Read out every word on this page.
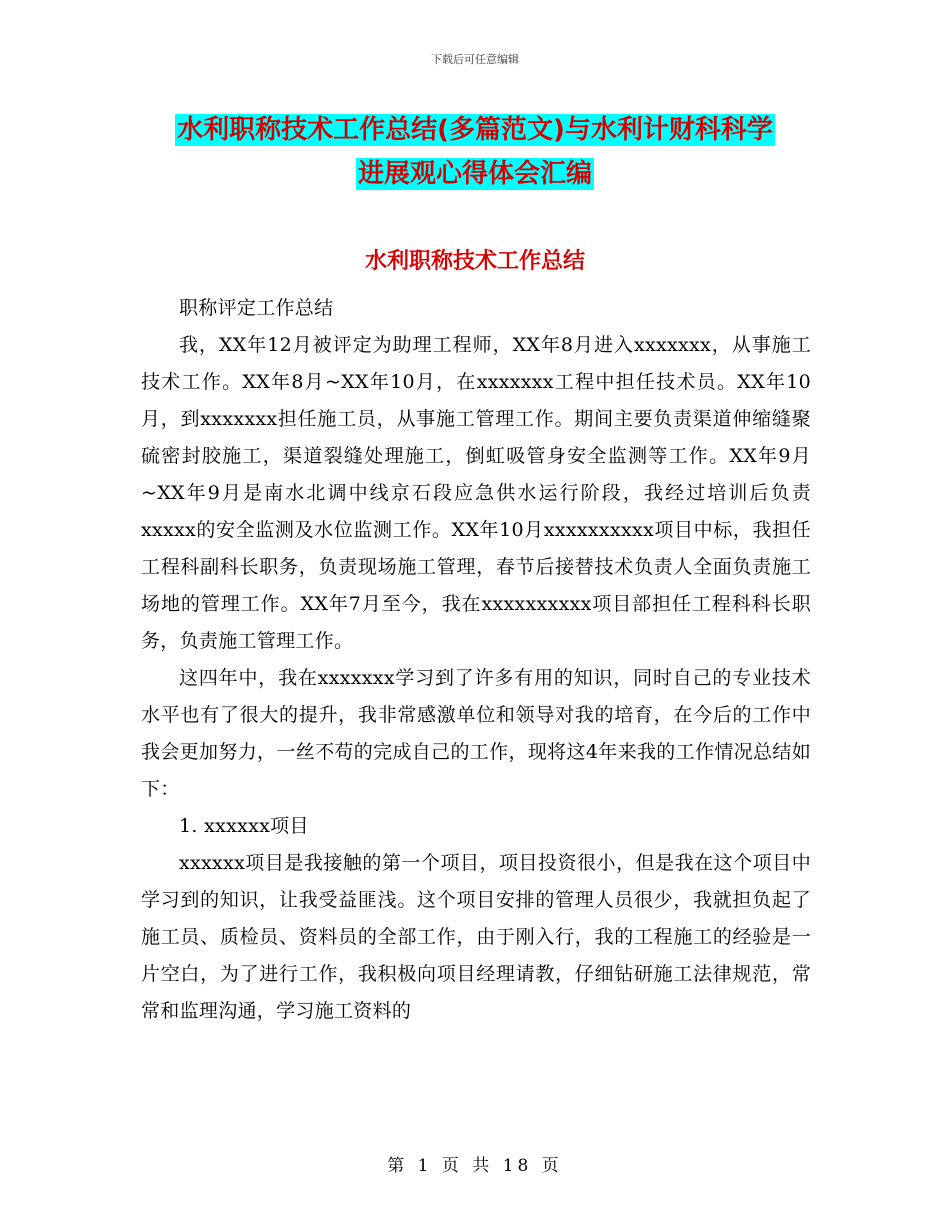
下载后可任意编辑
水利职称技术工作总结(多篇范文)与水利计财科科学
进展观心得体会汇编
水利职称技术工作总结

职称评定工作总结

我，XX年12月被评定为助理工程师，XX年8月进入xxxxxxx，从事施工技术工作。XX年8月~XX年10月，在xxxxxxx工程中担任技术员。XX年10月，到xxxxxxx担任施工员，从事施工管理工作。期间主要负责渠道伸缩缝聚硫密封胶施工，渠道裂缝处理施工，倒虹吸管身安全监测等工作。XX年9月~XX年9月是南水北调中线京石段应急供水运行阶段，我经过培训后负责xxxxx的安全监测及水位监测工作。XX年10月xxxxxxxxxx项目中标，我担任工程科副科长职务，负责现场施工管理，春节后接替技术负责人全面负责施工场地的管理工作。XX年7月至今，我在xxxxxxxxxx项目部担任工程科科长职务，负责施工管理工作。

这四年中，我在xxxxxxx学习到了许多有用的知识，同时自己的专业技术水平也有了很大的提升，我非常感激单位和领导对我的培育，在今后的工作中我会更加努力，一丝不苟的完成自己的工作，现将这4年来我的工作情况总结如下：

1. xxxxxx项目

xxxxxx项目是我接触的第一个项目，项目投资很小，但是我在这个项目中学习到的知识，让我受益匪浅。这个项目安排的管理人员很少，我就担负起了施工员、质检员、资料员的全部工作，由于刚入行，我的工程施工的经验是一片空白，为了进行工作，我积极向项目经理请教，仔细钻研施工法律规范，常常和监理沟通，学习施工资料的

第 1 页 共 18 页
